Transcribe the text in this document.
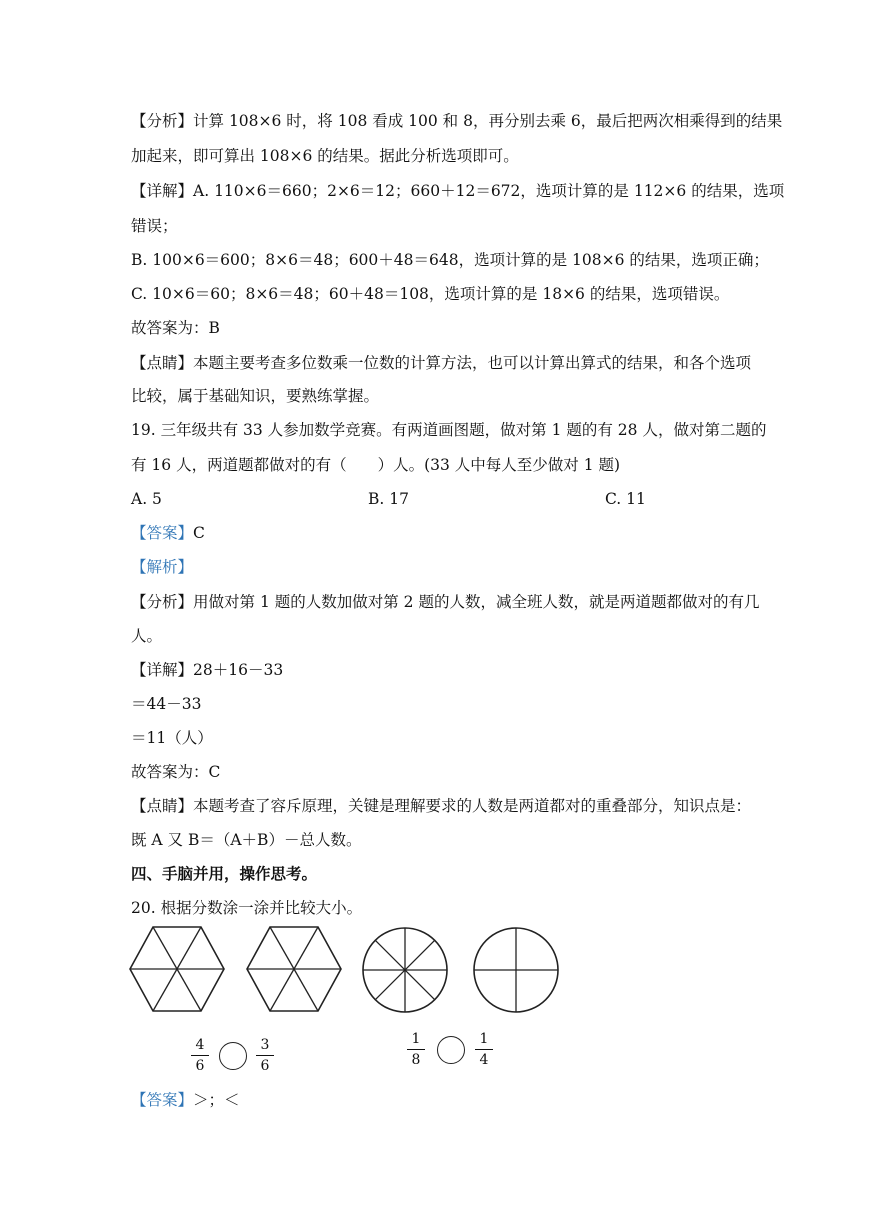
【分析】计算 108×6 时，将 108 看成 100 和 8，再分别去乘 6，最后把两次相乘得到的结果
加起来，即可算出 108×6 的结果。据此分析选项即可。
【详解】A. 110×6＝660；2×6＝12；660＋12＝672，选项计算的是 112×6 的结果，选项
错误；
B. 100×6＝600；8×6＝48；600＋48＝648，选项计算的是 108×6 的结果，选项正确；
C. 10×6＝60；8×6＝48；60＋48＝108，选项计算的是 18×6 的结果，选项错误。
故答案为：B
【点睛】本题主要考查多位数乘一位数的计算方法，也可以计算出算式的结果，和各个选项
比较，属于基础知识，要熟练掌握。
19. 三年级共有 33 人参加数学竞赛。有两道画图题，做对第 1 题的有 28 人，做对第二题的
有 16 人，两道题都做对的有（　　）人。(33 人中每人至少做对 1 题)
A. 5	B. 17	C. 11
【答案】C
【解析】
【分析】用做对第 1 题的人数加做对第 2 题的人数，减全班人数，就是两道题都做对的有几
人。
【详解】28＋16－33
＝44－33
＝11（人）
故答案为：C
【点睛】本题考查了容斥原理，关键是理解要求的人数是两道都对的重叠部分，知识点是：
既 A 又 B＝（A＋B）－总人数。
四、手脑并用，操作思考。
20. 根据分数涂一涂并比较大小。
4
6
3
6
1
8
1
4
【答案】＞；＜
